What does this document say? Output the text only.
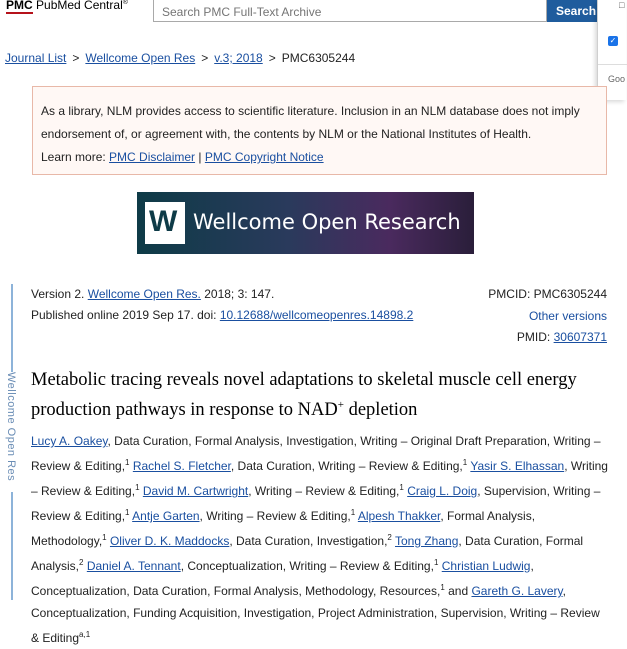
PMC PubMed Central®
Search PMC Full-Text Archive
Search	□
✓
Goo
Journal List > Wellcome Open Res > v.3; 2018 > PMC6305244

As a library, NLM provides access to scientific literature. Inclusion in an NLM database does not imply

endorsement of, or agreement with, the contents by NLM or the National Institutes of Health.

Learn more: PMC Disclaimer | PMC Copyright Notice

W Wellcome Open Research
Wellcome Open Res
Version 2. Wellcome Open Res. 2018; 3: 147.
Published online 2019 Sep 17. doi: 10.12688/wellcomeopenres.14898.2
PMCID: PMC6305244
Other versions
PMID: 30607371
Metabolic tracing reveals novel adaptations to skeletal muscle cell energy production pathways in response to NAD+ depletion
Lucy A. Oakey, Data Curation, Formal Analysis, Investigation, Writing – Original Draft Preparation, Writing – Review & Editing,$^1$ Rachel S. Fletcher, Data Curation, Writing – Review & Editing,$^1$ Yasir S. Elhassan, Writing – Review & Editing,$^1$ David M. Cartwright, Writing – Review & Editing,$^1$ Craig L. Doig, Supervision, Writing – Review & Editing,$^1$ Antje Garten, Writing – Review & Editing,$^1$ Alpesh Thakker, Formal Analysis, Methodology,$^1$ Oliver D. K. Maddocks, Data Curation, Investigation,$^2$ Tong Zhang, Data Curation, Formal Analysis,$^2$ Daniel A. Tennant, Conceptualization, Writing – Review & Editing,$^1$ Christian Ludwig, Conceptualization, Data Curation, Formal Analysis, Methodology, Resources,$^1$ and Gareth G. Lavery, Conceptualization, Funding Acquisition, Investigation, Project Administration, Supervision, Writing – Review & Editing$^{a,1}$
